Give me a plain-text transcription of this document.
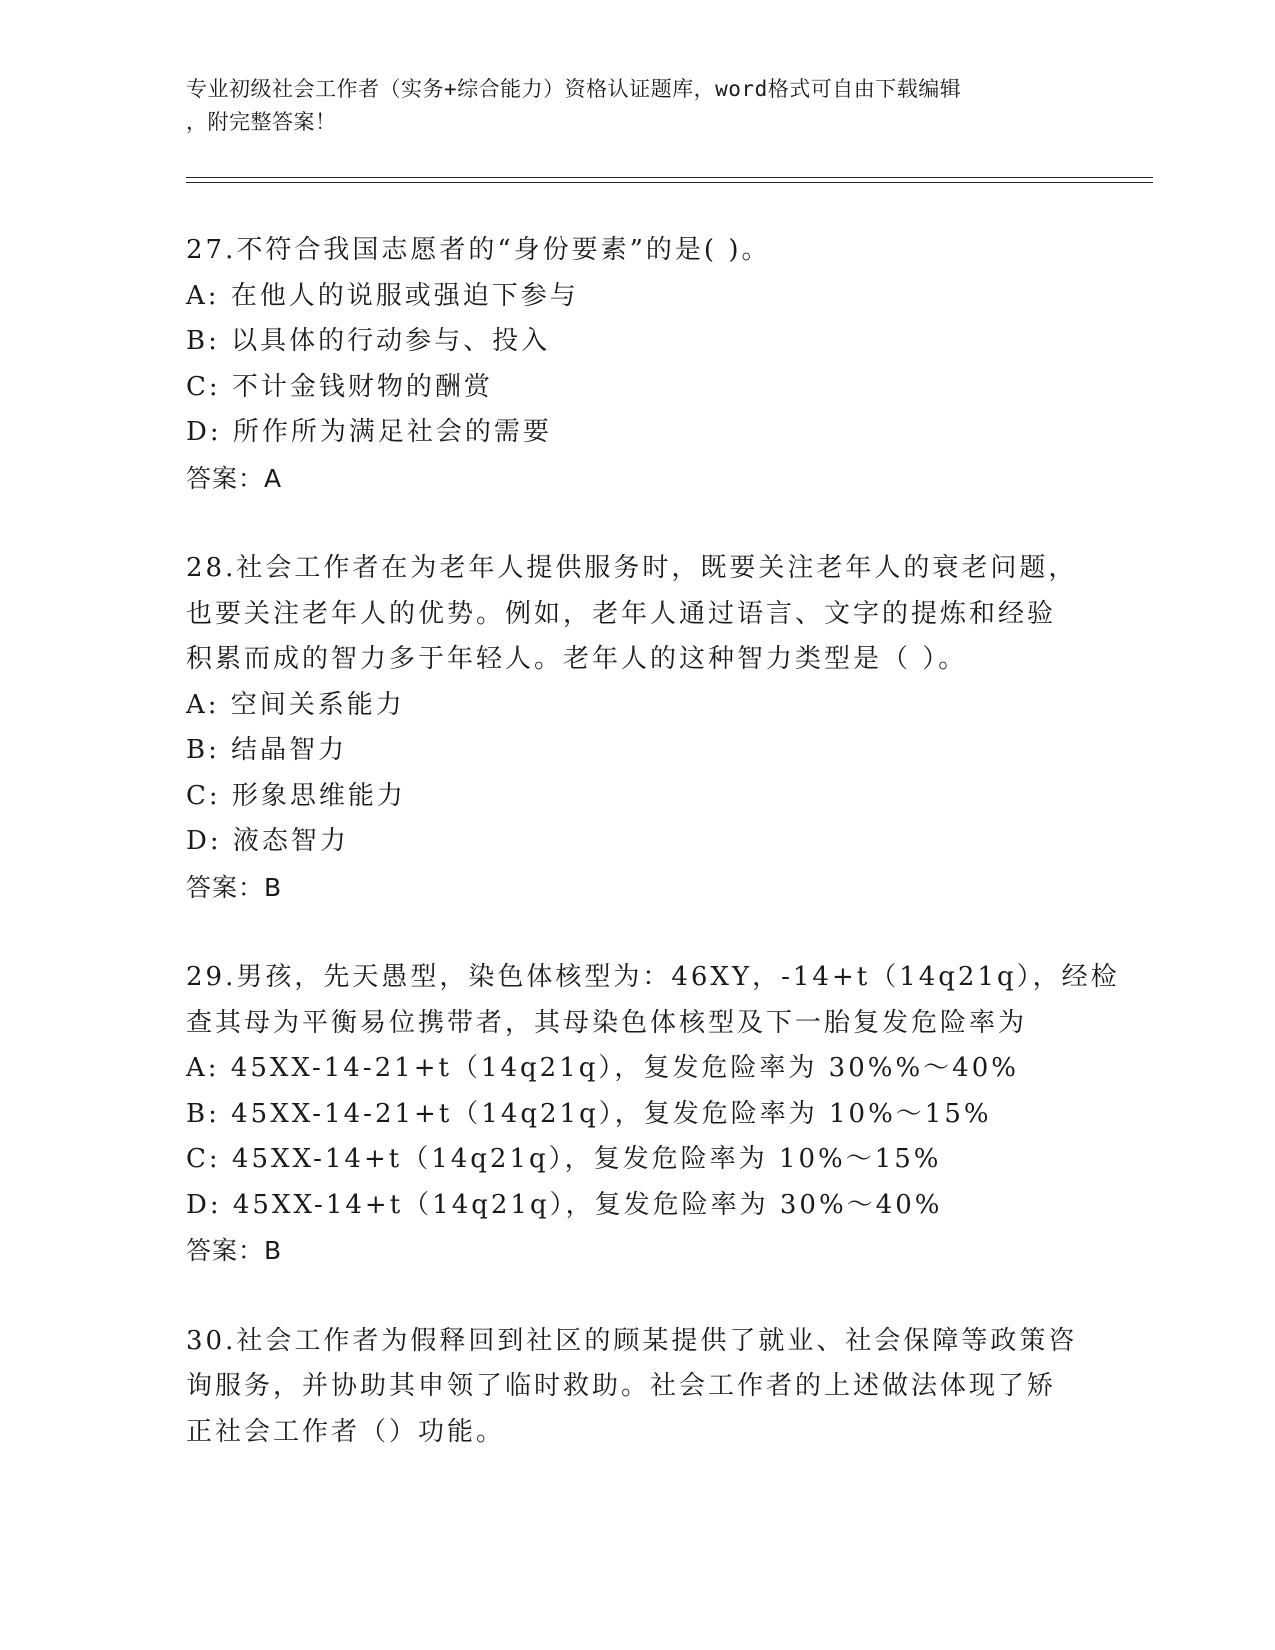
专业初级社会工作者（实务+综合能力）资格认证题库，word格式可自由下载编辑
，附完整答案！
27.不符合我国志愿者的“身份要素”的是( )。
A: 在他人的说服或强迫下参与
B: 以具体的行动参与、投入
C: 不计金钱财物的酬赏
D: 所作所为满足社会的需要
答案：A
28.社会工作者在为老年人提供服务时，既要关注老年人的衰老问题，
也要关注老年人的优势。例如，老年人通过语言、文字的提炼和经验
积累而成的智力多于年轻人。老年人的这种智力类型是（ ）。
A: 空间关系能力
B: 结晶智力
C: 形象思维能力
D: 液态智力
答案：B
29.男孩，先天愚型，染色体核型为：46XY，-14+t（14q21q），经检
查其母为平衡易位携带者，其母染色体核型及下一胎复发危险率为
A: 45XX-14-21+t（14q21q），复发危险率为 30%%～40%
B: 45XX-14-21+t（14q21q），复发危险率为 10%～15%
C: 45XX-14+t（14q21q），复发危险率为 10%～15%
D: 45XX-14+t（14q21q），复发危险率为 30%～40%
答案：B
30.社会工作者为假释回到社区的顾某提供了就业、社会保障等政策咨
询服务，并协助其申领了临时救助。社会工作者的上述做法体现了矫
正社会工作者（）功能。
